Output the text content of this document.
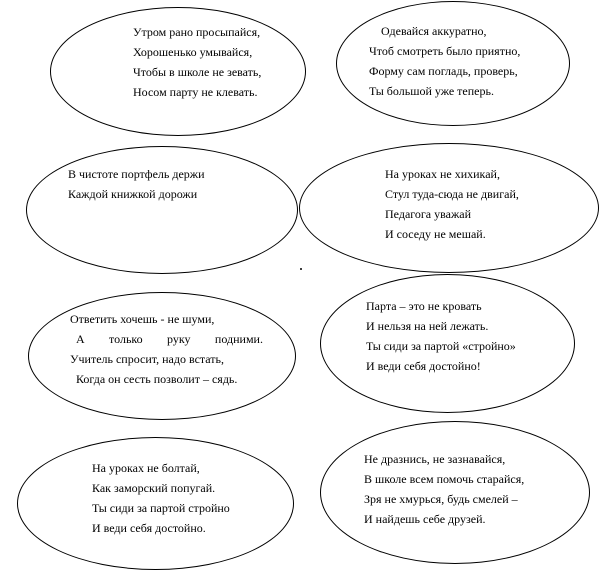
Утром рано просыпайся,
Хорошенько умывайся,
Чтобы в школе не зевать,
Носом парту не клевать.
Одевайся аккуратно,
Чтоб смотреть было приятно,
Форму сам погладь, проверь,
Ты большой уже теперь.
В чистоте портфель держи
Каждой книжкой дорожи
На уроках не хихикай,
Стул туда-сюда не двигай,
Педагога уважай
И соседу не мешай.
Ответить хочешь - не шуми,
А только руку подними.
Учитель спросит, надо встать,
Когда он сесть позволит – сядь.
Парта – это не кровать
И нельзя на ней лежать.
Ты сиди за партой «стройно»
И веди себя достойно!
На уроках не болтай,
Как заморский попугай.
Ты сиди за партой стройно
И веди себя достойно.
Не дразнись, не зазнавайся,
В школе всем помочь старайся,
Зря не хмурься, будь смелей –
И найдешь себе друзей.
